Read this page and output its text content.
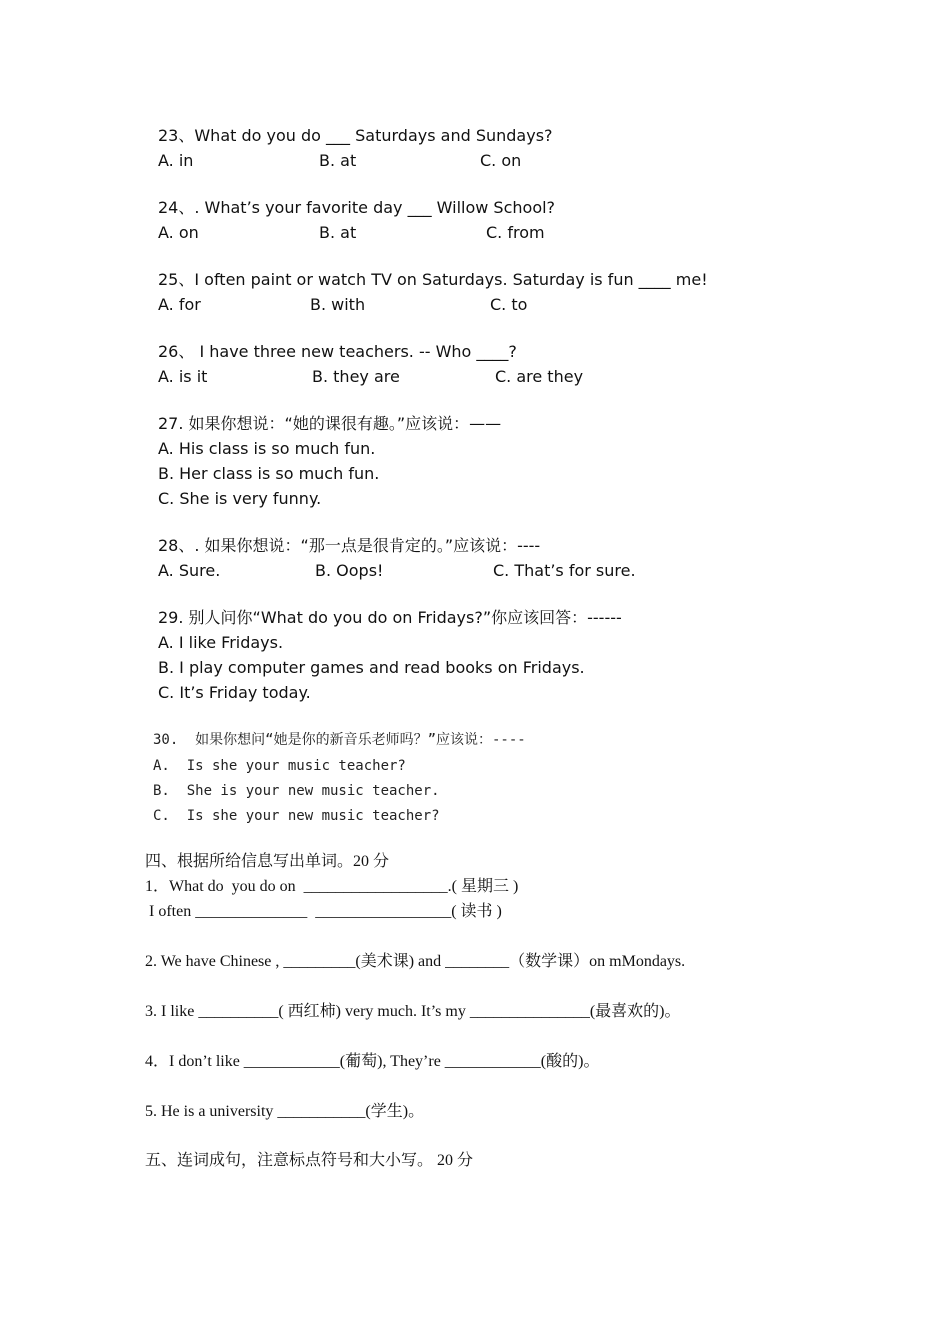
23、What do you do ___ Saturdays and Sundays?
A. in	B. at	C. on
24、. What’s your favorite day ___ Willow School?
A. on	B. at	C. from
25、I often paint or watch TV on Saturdays. Saturday is fun ____ me!
A. for	B. with	C. to
26、 I have three new teachers. -- Who ____?
A. is it	B. they are	C. are they
27. 如果你想说：“她的课很有趣。”应该说：——
A. His class is so much fun.
B. Her class is so much fun.
C. She is very funny.
28、. 如果你想说：“那一点是很肯定的。”应该说：----
A. Sure.	B. Oops!	C. That’s for sure.
29. 别人问你“What do you do on Fridays?”你应该回答：------
A. I like Fridays.
B. I play computer games and read books on Fridays.
C. It’s Friday today.
30.  如果你想问“她是你的新音乐老师吗？”应该说：----
A.  Is she your music teacher?
B.  She is your new music teacher.
C.  Is she your new music teacher?
四、根据所给信息写出单词。20 分
1．What do  you do on  __________________.( 星期三 )
I often ______________  _________________( 读书 )
2. We have Chinese , _________(美术课) and ________（数学课）on mMondays.
3. I like __________( 西红柿) very much. It’s my _______________(最喜欢的)。
4．I don’t like ____________(葡萄), They’re ____________(酸的)。
5. He is a university ___________(学生)。
五、连词成句，注意标点符号和大小写。 20 分
